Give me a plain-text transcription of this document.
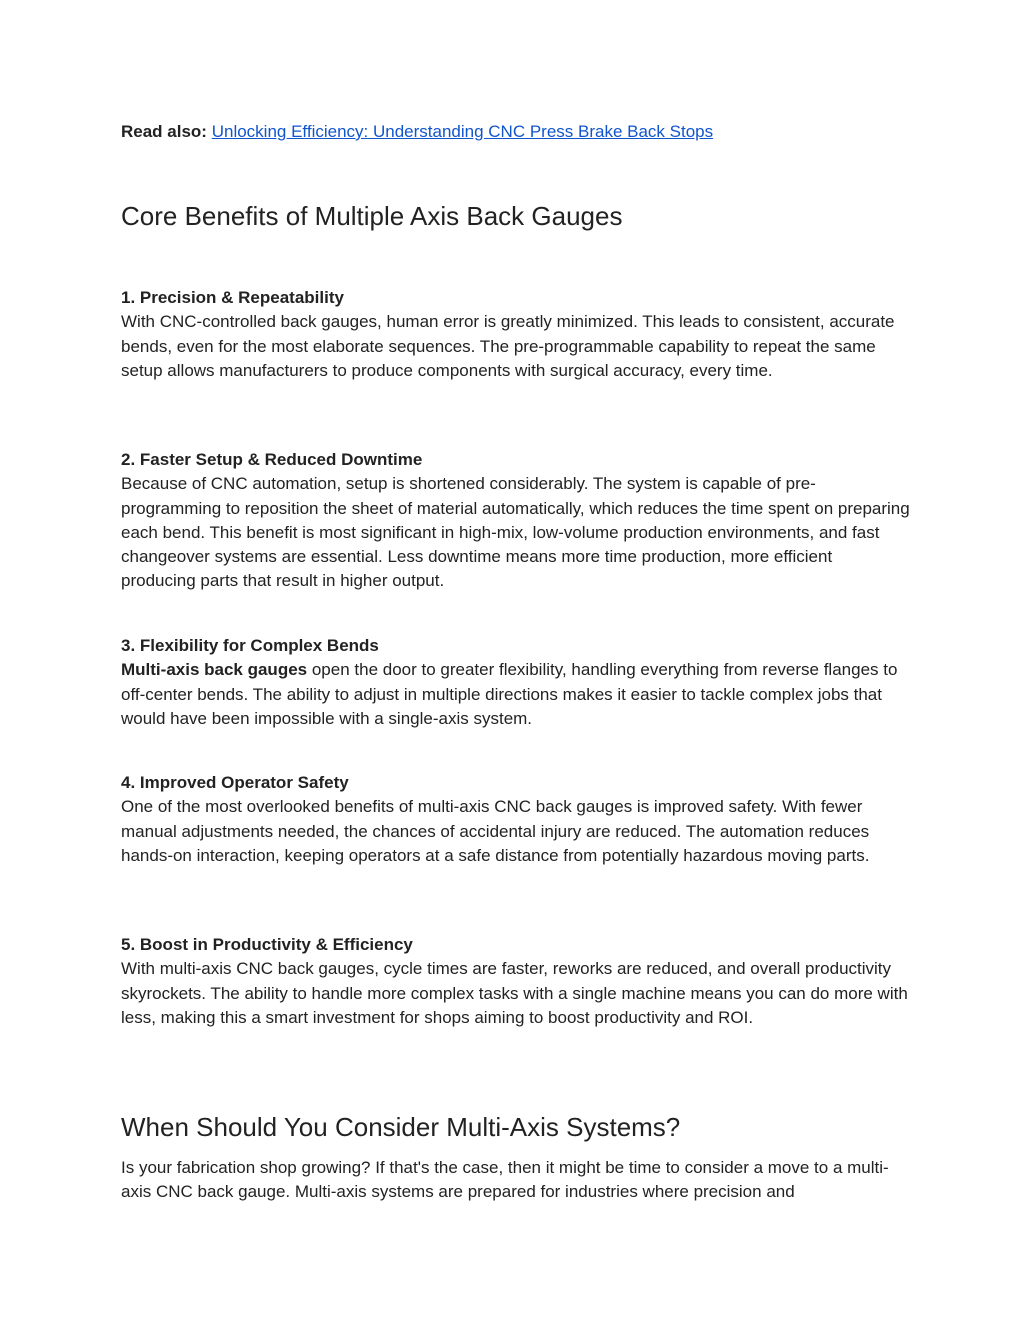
Read also: Unlocking Efficiency: Understanding CNC Press Brake Back Stops
Core Benefits of Multiple Axis Back Gauges
1. Precision & Repeatability

With CNC-controlled back gauges, human error is greatly minimized. This leads to consistent, accurate bends, even for the most elaborate sequences. The pre-programmable capability to repeat the same setup allows manufacturers to produce components with surgical accuracy, every time.

2. Faster Setup & Reduced Downtime

Because of CNC automation, setup is shortened considerably. The system is capable of pre-programming to reposition the sheet of material automatically, which reduces the time spent on preparing each bend. This benefit is most significant in high-mix, low-volume production environments, and fast changeover systems are essential. Less downtime means more time production, more efficient producing parts that result in higher output.

3. Flexibility for Complex Bends

Multi-axis back gauges open the door to greater flexibility, handling everything from reverse flanges to off-center bends. The ability to adjust in multiple directions makes it easier to tackle complex jobs that would have been impossible with a single-axis system.

4. Improved Operator Safety

One of the most overlooked benefits of multi-axis CNC back gauges is improved safety. With fewer manual adjustments needed, the chances of accidental injury are reduced. The automation reduces hands-on interaction, keeping operators at a safe distance from potentially hazardous moving parts.

5. Boost in Productivity & Efficiency

With multi-axis CNC back gauges, cycle times are faster, reworks are reduced, and overall productivity skyrockets. The ability to handle more complex tasks with a single machine means you can do more with less, making this a smart investment for shops aiming to boost productivity and ROI.

When Should You Consider Multi-Axis Systems?

Is your fabrication shop growing? If that's the case, then it might be time to consider a move to a multi-axis CNC back gauge. Multi-axis systems are prepared for industries where precision and
